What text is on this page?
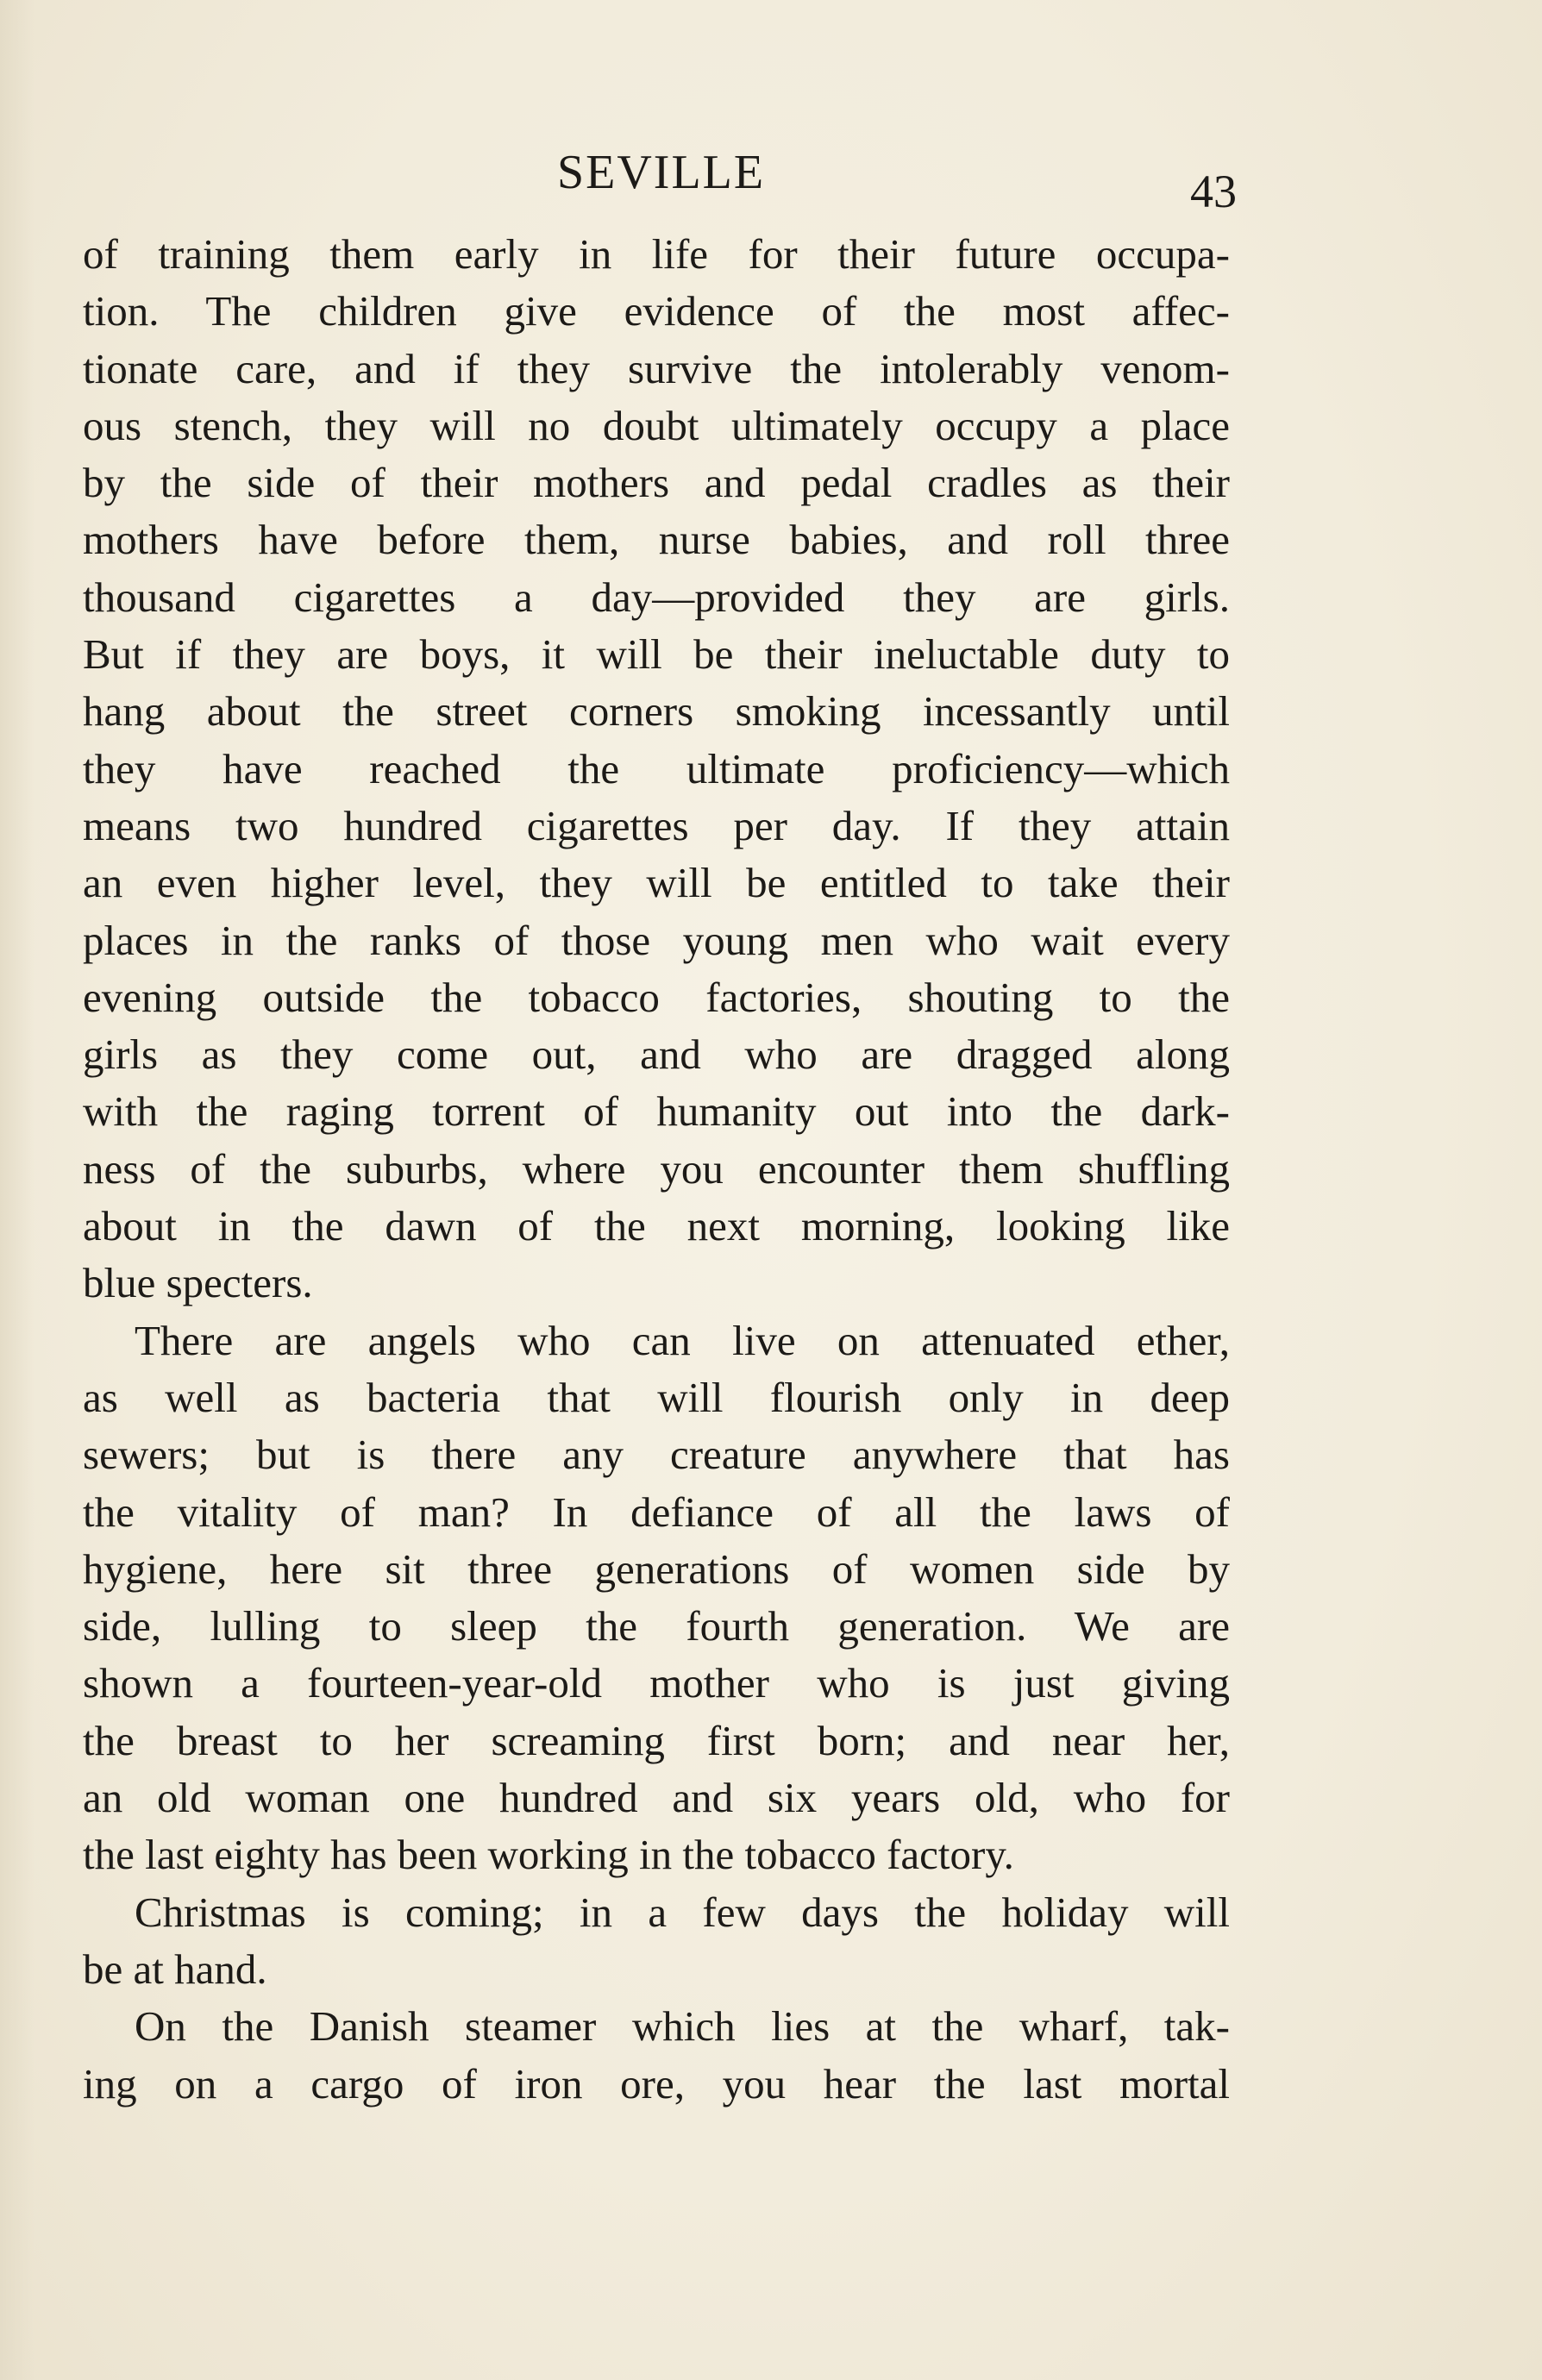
SEVILLE	43
of training them early in life for their future occupa-
tion. The children give evidence of the most affec-
tionate care, and if they survive the intolerably venom-
ous stench, they will no doubt ultimately occupy a place
by the side of their mothers and pedal cradles as their
mothers have before them, nurse babies, and roll three
thousand cigarettes a day—provided they are girls.
But if they are boys, it will be their ineluctable duty to
hang about the street corners smoking incessantly until
they have reached the ultimate proficiency—which
means two hundred cigarettes per day. If they attain
an even higher level, they will be entitled to take their
places in the ranks of those young men who wait every
evening outside the tobacco factories, shouting to the
girls as they come out, and who are dragged along
with the raging torrent of humanity out into the dark-
ness of the suburbs, where you encounter them shuffling
about in the dawn of the next morning, looking like
blue specters.
There are angels who can live on attenuated ether,
as well as bacteria that will flourish only in deep
sewers; but is there any creature anywhere that has
the vitality of man? In defiance of all the laws of
hygiene, here sit three generations of women side by
side, lulling to sleep the fourth generation. We are
shown a fourteen-year-old mother who is just giving
the breast to her screaming first born; and near her,
an old woman one hundred and six years old, who for
the last eighty has been working in the tobacco factory.
Christmas is coming; in a few days the holiday will
be at hand.
On the Danish steamer which lies at the wharf, tak-
ing on a cargo of iron ore, you hear the last mortal
